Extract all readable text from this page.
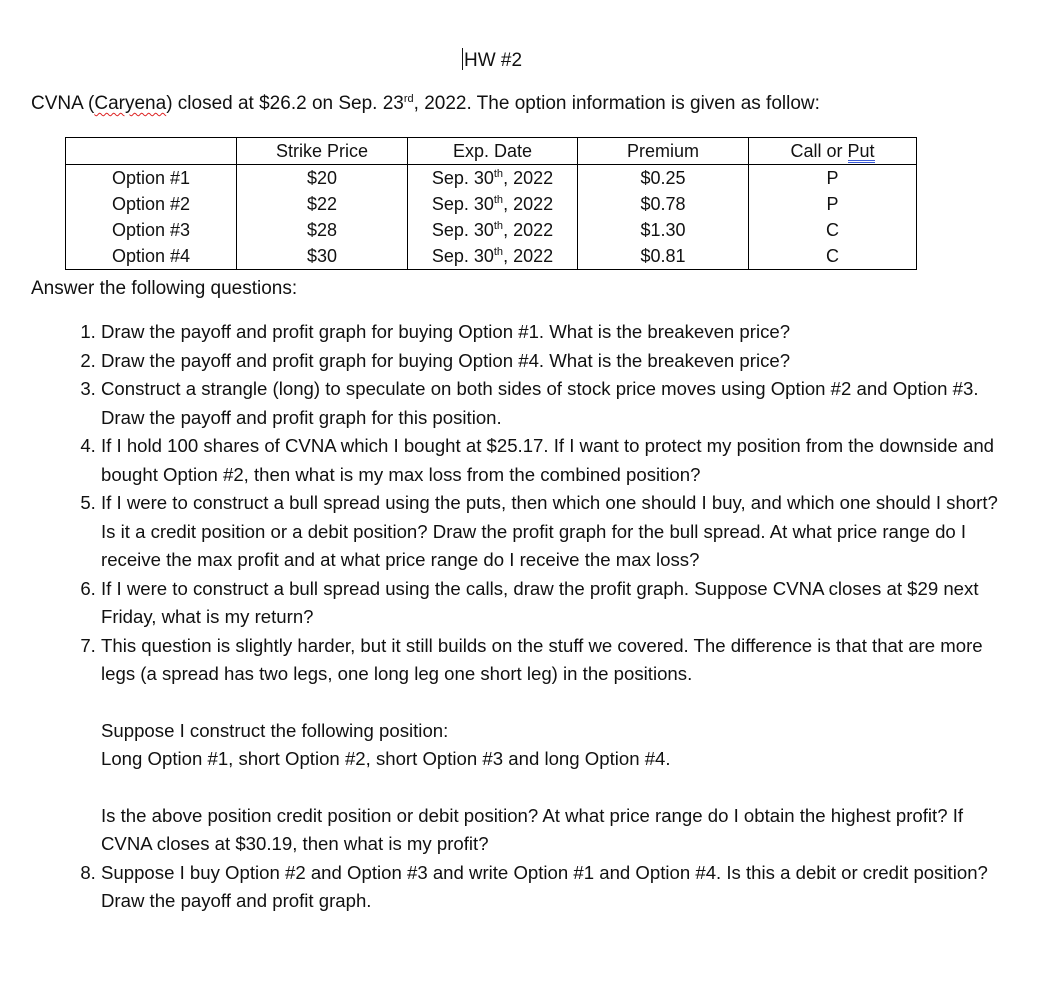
HW #2
CVNA (Caryena) closed at $26.2 on Sep. 23rd, 2022. The option information is given as follow:
	Strike Price	Exp. Date	Premium	Call or Put
Option #1	$20	Sep. 30th, 2022	$0.25	P
Option #2	$22	Sep. 30th, 2022	$0.78	P
Option #3	$28	Sep. 30th, 2022	$1.30	C
Option #4	$30	Sep. 30th, 2022	$0.81	C
Answer the following questions:
1. Draw the payoff and profit graph for buying Option #1. What is the breakeven price?
2. Draw the payoff and profit graph for buying Option #4. What is the breakeven price?
3. Construct a strangle (long) to speculate on both sides of stock price moves using Option #2 and Option #3. Draw the payoff and profit graph for this position.
4. If I hold 100 shares of CVNA which I bought at $25.17. If I want to protect my position from the downside and bought Option #2, then what is my max loss from the combined position?
5. If I were to construct a bull spread using the puts, then which one should I buy, and which one should I short? Is it a credit position or a debit position? Draw the profit graph for the bull spread. At what price range do I receive the max profit and at what price range do I receive the max loss?
6. If I were to construct a bull spread using the calls, draw the profit graph. Suppose CVNA closes at $29 next Friday, what is my return?
7. This question is slightly harder, but it still builds on the stuff we covered. The difference is that that are more legs (a spread has two legs, one long leg one short leg) in the positions.
Suppose I construct the following position:
Long Option #1, short Option #2, short Option #3 and long Option #4.
Is the above position credit position or debit position? At what price range do I obtain the highest profit? If CVNA closes at $30.19, then what is my profit?
8. Suppose I buy Option #2 and Option #3 and write Option #1 and Option #4. Is this a debit or credit position? Draw the payoff and profit graph.
